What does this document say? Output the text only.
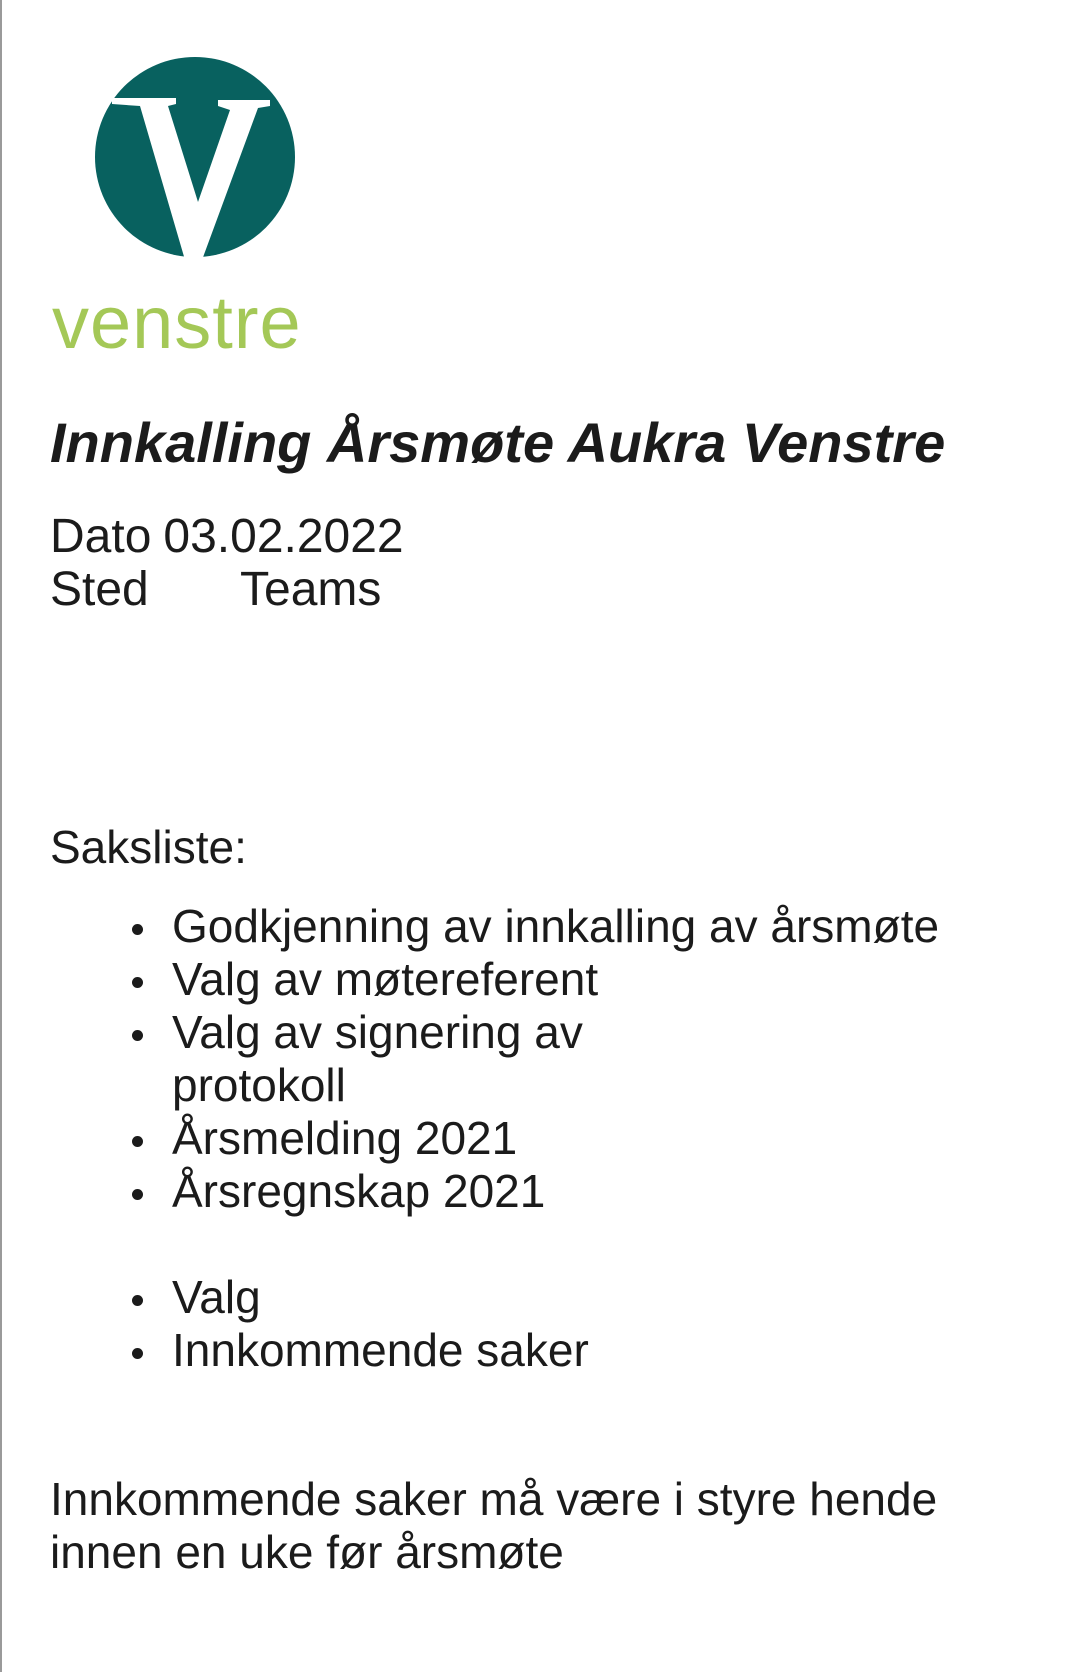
venstre
Innkalling Årsmøte Aukra Venstre
Dato 03.02.2022
Sted	Teams
Saksliste:
Godkjenning av innkalling av årsmøte
Valg av møtereferent
Valg av signering av protokoll
Årsmelding 2021
Årsregnskap 2021
Valg
Innkommende saker

Innkommende saker må være i styre hende innen en uke før årsmøte
